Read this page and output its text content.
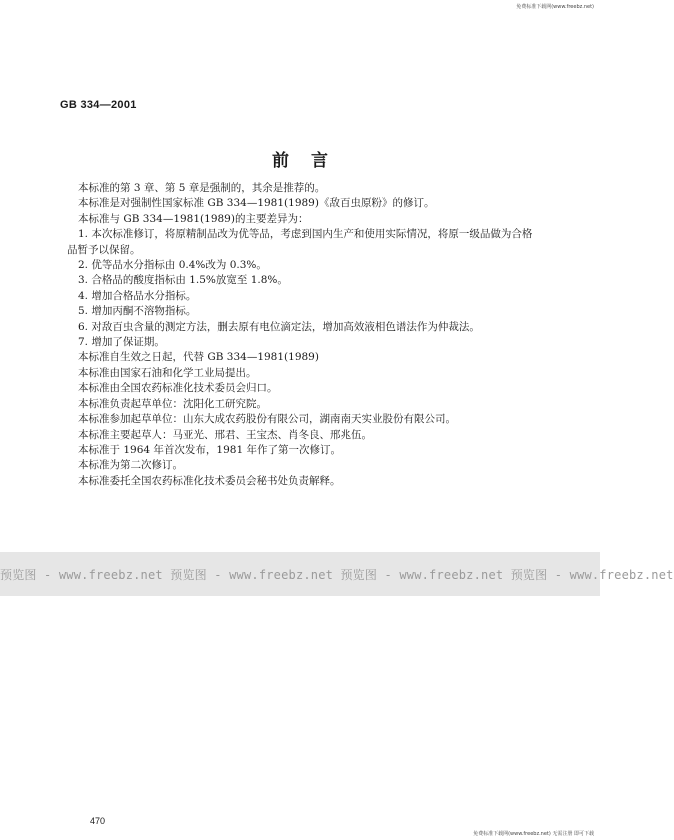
免费标准下载网(www.freebz.net)
GB 334—2001
前言

本标准的第 3 章、第 5 章是强制的，其余是推荐的。

本标准是对强制性国家标准 GB 334—1981(1989)《敌百虫原粉》的修订。

本标准与 GB 334—1981(1989)的主要差异为：

1. 本次标准修订，将原精制品改为优等品，考虑到国内生产和使用实际情况，将原一级品做为合格

品暂予以保留。

2. 优等品水分指标由 0.4%改为 0.3%。

3. 合格品的酸度指标由 1.5%放宽至 1.8%。

4. 增加合格品水分指标。

5. 增加丙酮不溶物指标。

6. 对敌百虫含量的测定方法，删去原有电位滴定法，增加高效液相色谱法作为仲裁法。

7. 增加了保证期。

本标准自生效之日起，代替 GB 334—1981(1989)

本标准由国家石油和化学工业局提出。

本标准由全国农药标准化技术委员会归口。

本标准负责起草单位：沈阳化工研究院。

本标准参加起草单位：山东大成农药股份有限公司，湖南南天实业股份有限公司。

本标准主要起草人：马亚光、邢君、王宝杰、肖冬良、邢兆伍。

本标准于 1964 年首次发布，1981 年作了第一次修订。

本标准为第二次修订。

本标准委托全国农药标准化技术委员会秘书处负责解释。

预览图 - www.freebz.net 预览图 - www.freebz.net 预览图 - www.freebz.net 预览图 - www.freebz.net
470
免费标准下载网(www.freebz.net) 无需注册 即可下载
